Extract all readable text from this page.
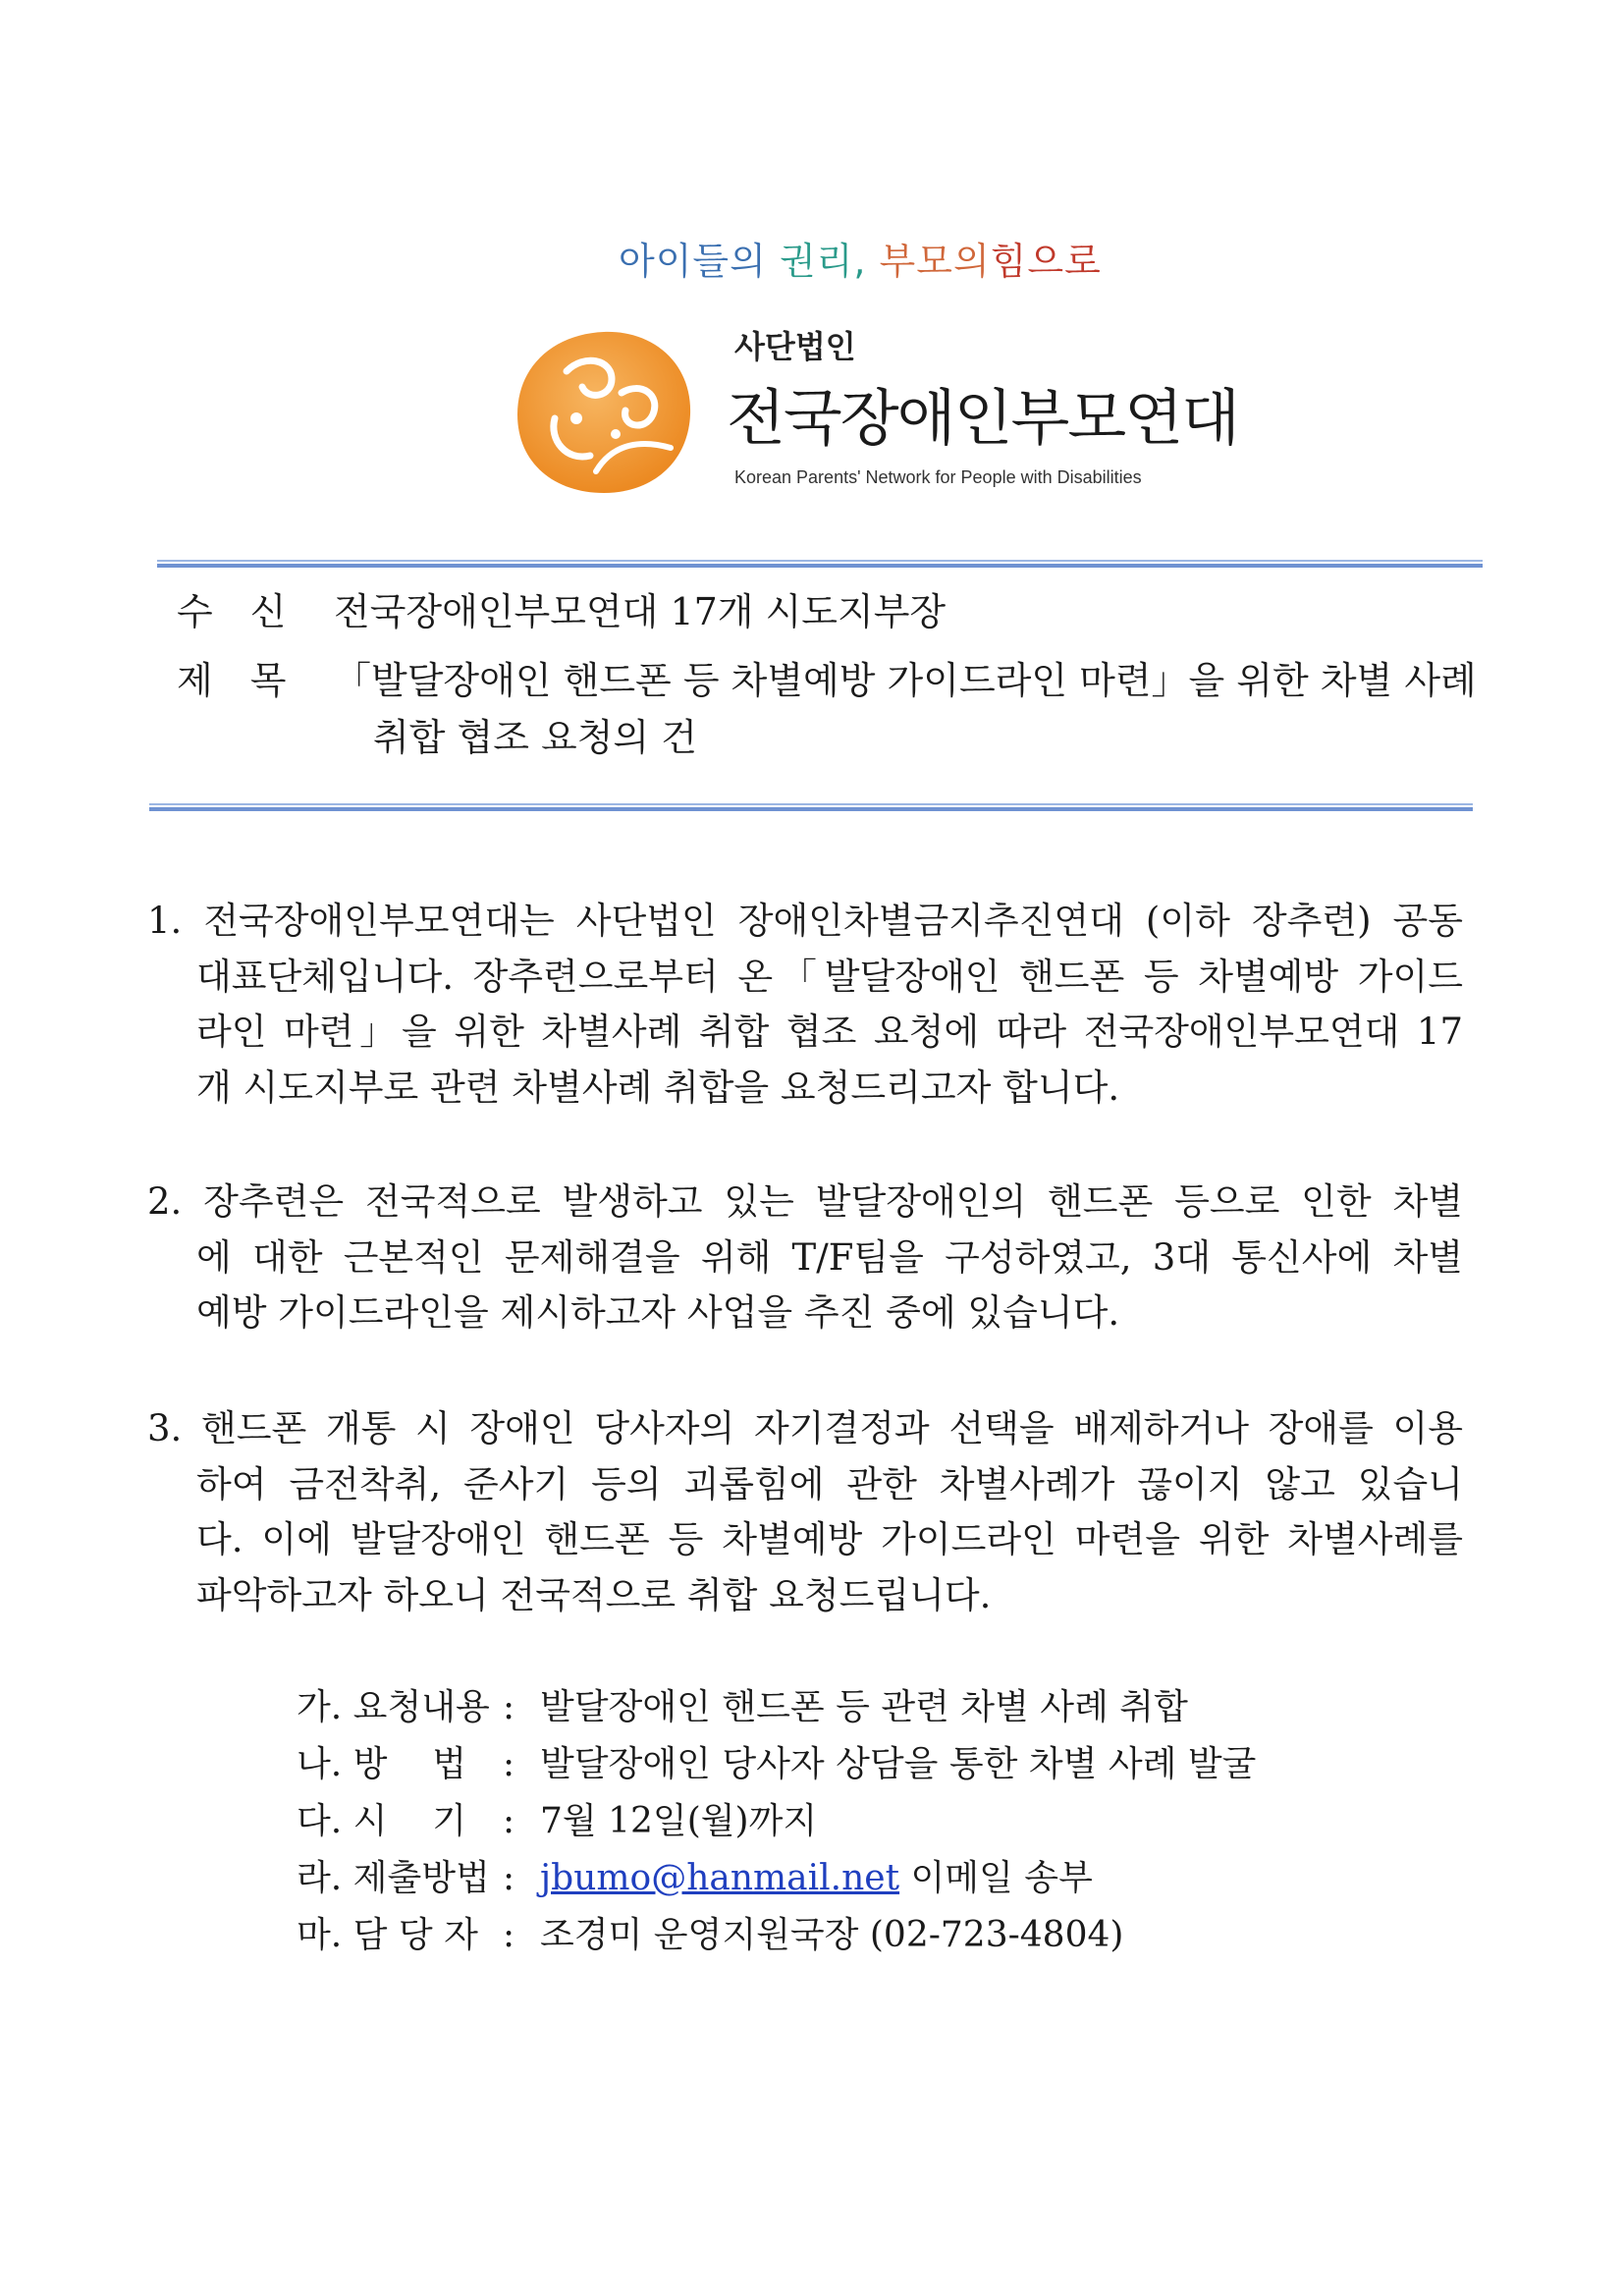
아이들의 권리, 부모의힘으로
사단법인
전국장애인부모연대
Korean Parents' Network for People with Disabilities
수신 전국장애인부모연대 17개 시도지부장
제목 「발달장애인 핸드폰 등 차별예방 가이드라인 마련」을 위한 차별 사례
취합 협조 요청의 건
1. 전국장애인부모연대는 사단법인 장애인차별금지추진연대 (이하 장추련) 공동
대표단체입니다. 장추련으로부터 온「발달장애인 핸드폰 등 차별예방 가이드
라인 마련」을 위한 차별사례 취합 협조 요청에 따라 전국장애인부모연대 17
개 시도지부로 관련 차별사례 취합을 요청드리고자 합니다.
2. 장추련은 전국적으로 발생하고 있는 발달장애인의 핸드폰 등으로 인한 차별
에 대한 근본적인 문제해결을 위해 T/F팀을 구성하였고, 3대 통신사에 차별
예방 가이드라인을 제시하고자 사업을 추진 중에 있습니다.
3. 핸드폰 개통 시 장애인 당사자의 자기결정과 선택을 배제하거나 장애를 이용
하여 금전착취, 준사기 등의 괴롭힘에 관한 차별사례가 끊이지 않고 있습니
다. 이에 발달장애인 핸드폰 등 차별예방 가이드라인 마련을 위한 차별사례를
파악하고자 하오니 전국적으로 취합 요청드립니다.
가. 요청내용 : 발달장애인 핸드폰 등 관련 차별 사례 취합
나. 방    법	: 발달장애인 당사자 상담을 통한 차별 사례 발굴
다. 시    기	: 7월 12일(월)까지
라. 제출방법 : jbumo@hanmail.net
이메일 송부
마. 담 당 자 : 조경미 운영지원국장 (02-723-4804)
